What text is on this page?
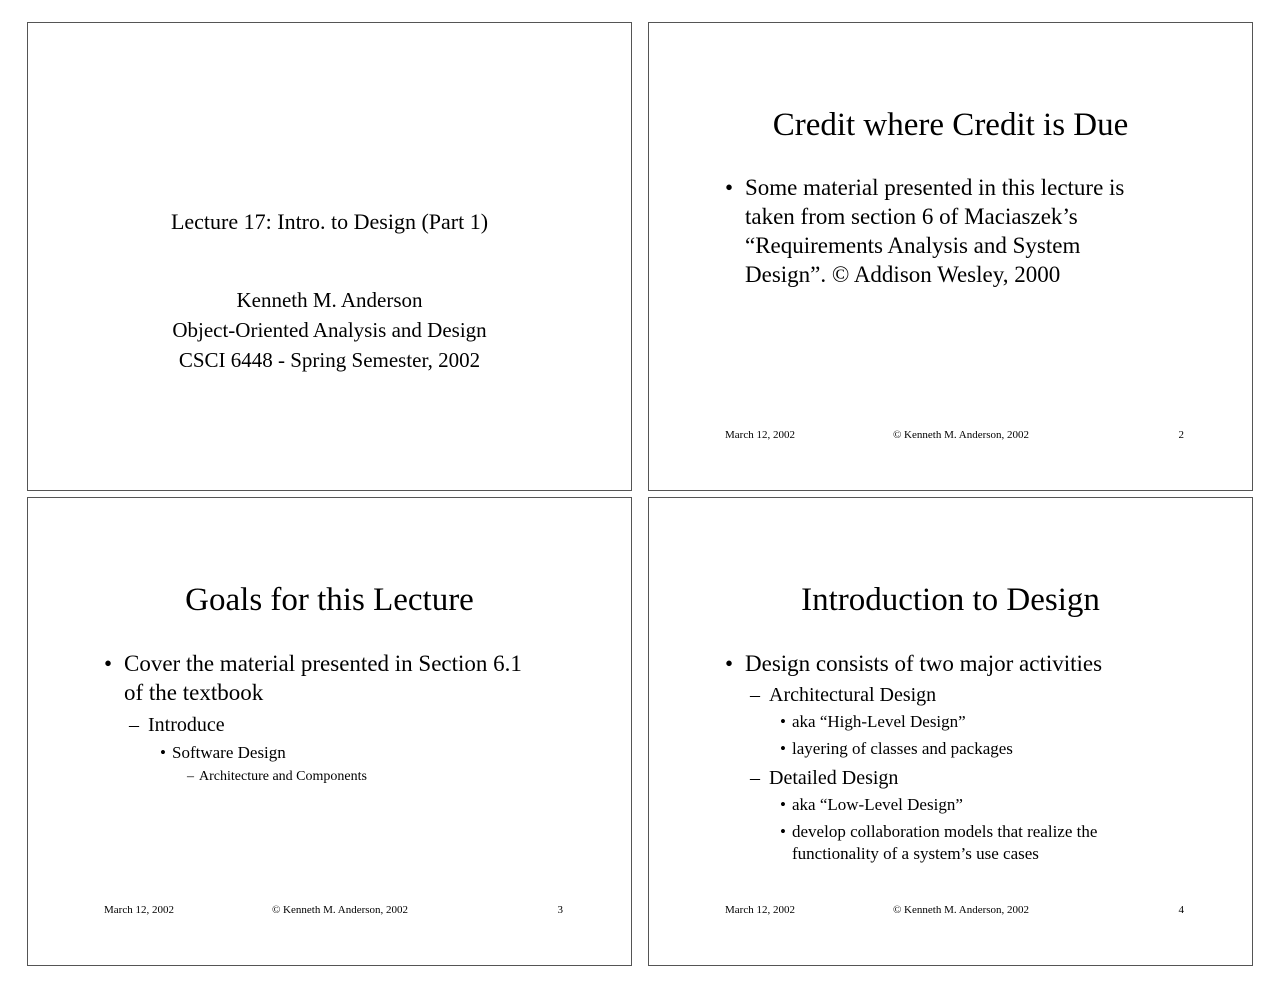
Lecture 17: Intro. to Design (Part 1)
Kenneth M. Anderson
Object-Oriented Analysis and Design
CSCI 6448 - Spring Semester, 2002
Credit where Credit is Due
• Some material presented in this lecture is
taken from section 6 of Maciaszek’s
“Requirements Analysis and System
Design”. © Addison Wesley, 2000
March 12, 2002	© Kenneth M. Anderson, 2002	2
Goals for this Lecture
• Cover the material presented in Section 6.1
of the textbook
– Introduce
• Software Design
– Architecture and Components
March 12, 2002	© Kenneth M. Anderson, 2002	3
Introduction to Design
• Design consists of two major activities
– Architectural Design
• aka “High-Level Design”
• layering of classes and packages
– Detailed Design
• aka “Low-Level Design”
• develop collaboration models that realize the
functionality of a system’s use cases
March 12, 2002	© Kenneth M. Anderson, 2002	4
